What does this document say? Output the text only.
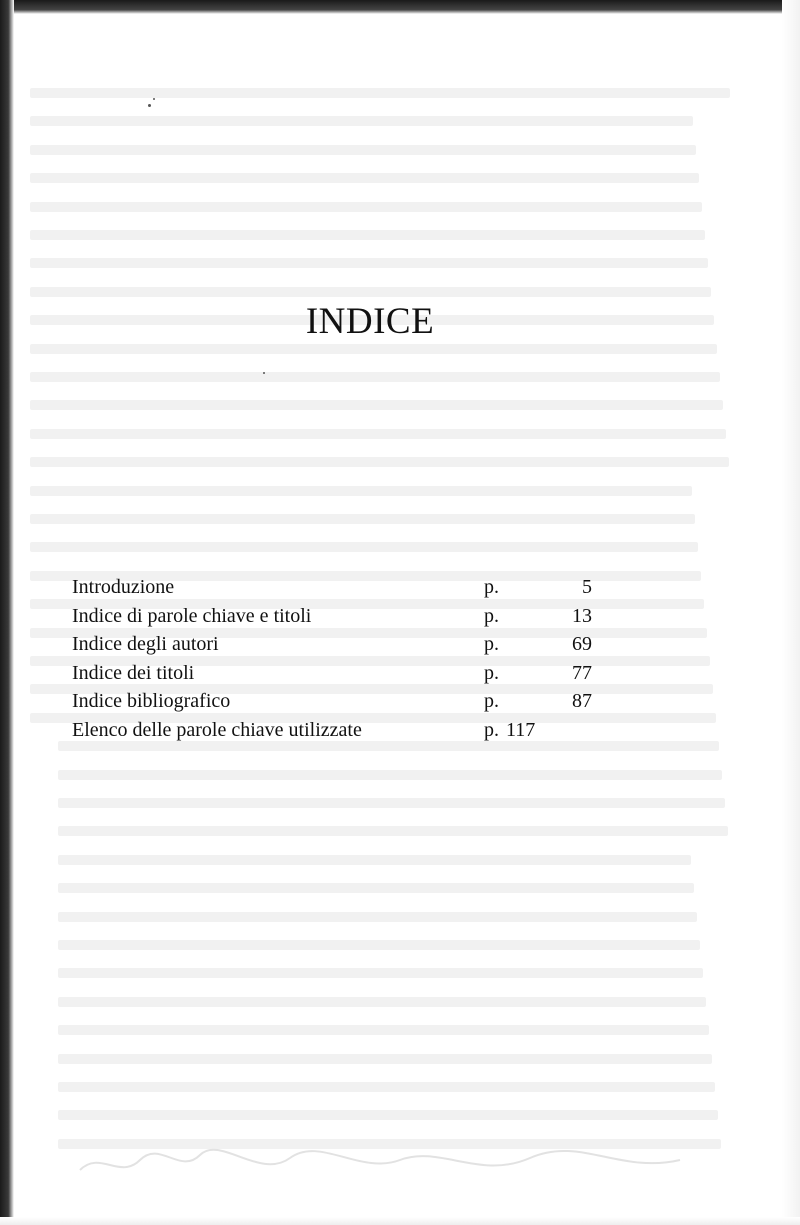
INDICE
Introduzione	p.	5
Indice di parole chiave e titoli	p.	13
Indice degli autori	p.	69
Indice dei titoli	p.	77
Indice bibliografico	p.	87
Elenco delle parole chiave utilizzate	p. 117
